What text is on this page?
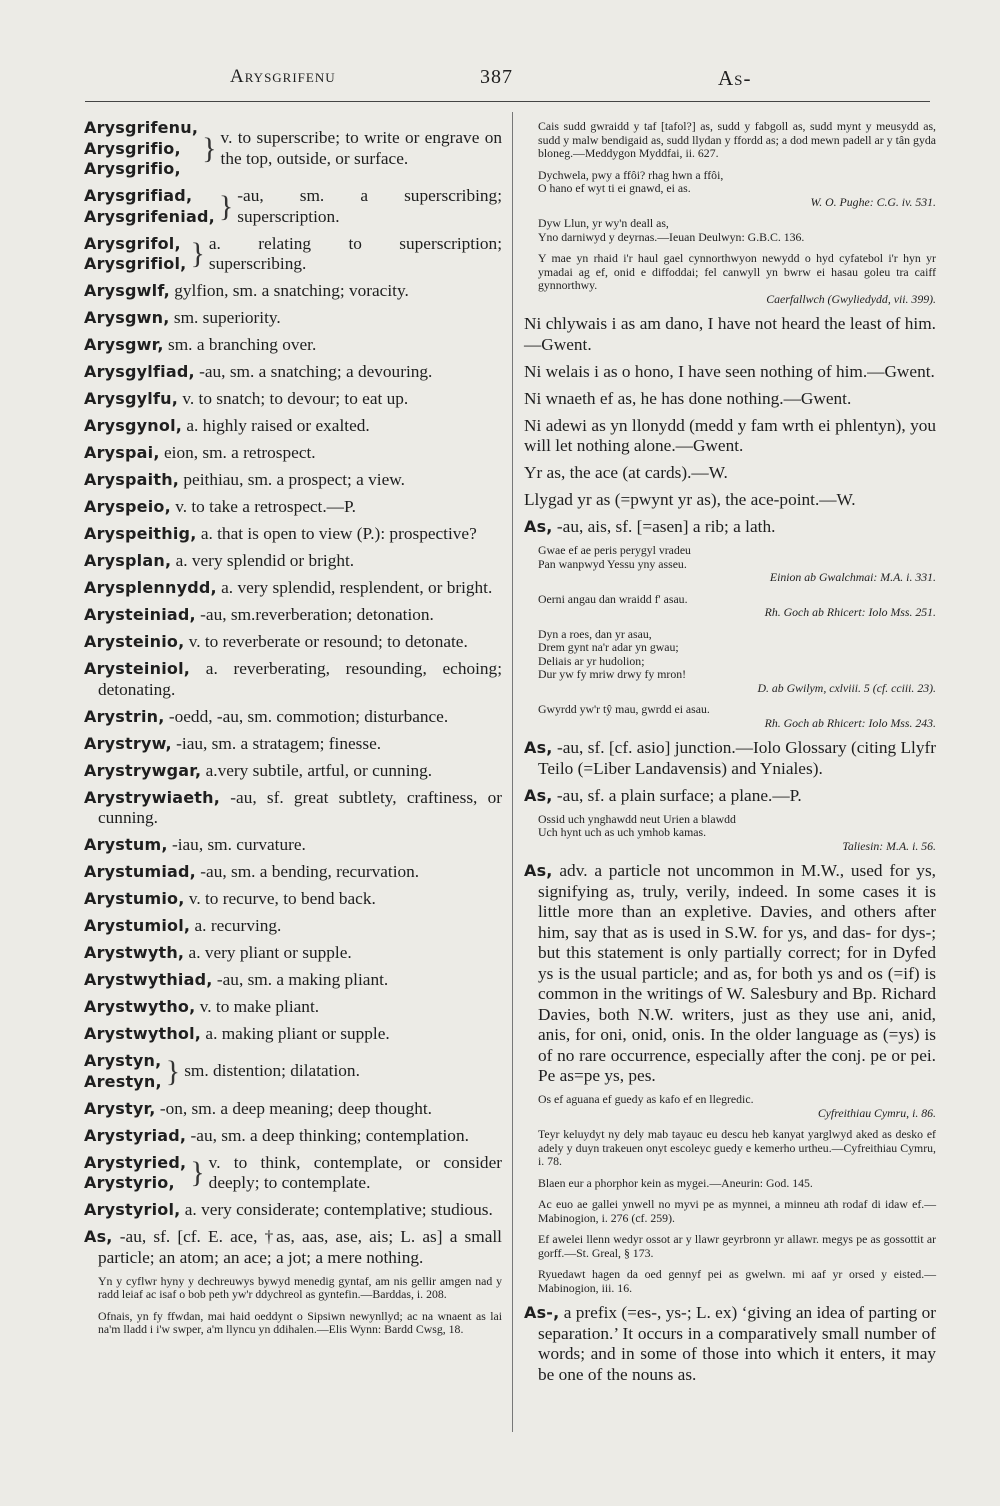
Arysgrifenu	387	As-
Arysgrifenu,
Arysgrifio,
Arysgrifio,
} v. to superscribe; to write or engrave on the top, outside, or surface.
Arysgrifiad,
Arysgrifeniad, } -au, sm. a superscribing; superscription.
Arysgrifol,
Arysgrifiol, } a. relating to superscription; superscribing.
Arysgwlf, gylfion, sm. a snatching; voracity.
Arysgwn, sm. superiority.
Arysgwr, sm. a branching over.
Arysgylfiad, -au, sm. a snatching; a devouring.
Arysgylfu, v. to snatch; to devour; to eat up.
Arysgynol, a. highly raised or exalted.
Aryspai, eion, sm. a retrospect.
Aryspaith, peithiau, sm. a prospect; a view.
Aryspeio, v. to take a retrospect.—P.
Aryspeithig, a. that is open to view (P.): prospective?
Arysplan, a. very splendid or bright.
Arysplennydd, a. very splendid, resplendent, or bright.
Arysteiniad, -au, sm.reverberation; detonation.
Arysteinio, v. to reverberate or resound; to detonate.
Arysteiniol, a. reverberating, resounding, echoing; detonating.
Arystrin, -oedd, -au, sm. commotion; disturbance.
Arystryw, -iau, sm. a stratagem; finesse.
Arystrywgar, a.very subtile, artful, or cunning.
Arystrywiaeth, -au, sf. great subtlety, craftiness, or cunning.
Arystum, -iau, sm. curvature.
Arystumiad, -au, sm. a bending, recurvation.
Arystumio, v. to recurve, to bend back.
Arystumiol, a. recurving.
Arystwyth, a. very pliant or supple.
Arystwythiad, -au, sm. a making pliant.
Arystwytho, v. to make pliant.
Arystwythol, a. making pliant or supple.
Arystyn,
Arestyn, } sm. distention; dilatation.
Arystyr, -on, sm. a deep meaning; deep thought.
Arystyriad, -au, sm. a deep thinking; contemplation.
Arystyried,
Arystyrio, } v. to think, contemplate, or consider deeply; to contemplate.
Arystyriol, a. very considerate; contemplative; studious.
As, -au, sf. [cf. E. ace, †as, aas, ase, ais; L. as] a small particle; an atom; an ace; a jot; a mere nothing.
Yn y cyflwr hyny y dechreuwys bywyd menedig gyntaf, am nis gellir amgen nad y radd leiaf ac isaf o bob peth yw'r ddychreol as gyntefin.—Barddas, i. 208.
Ofnais, yn fy ffwdan, mai haid oeddynt o Sipsiwn newynllyd; ac na wnaent as lai na'm lladd i i'w swper, a'm llyncu yn ddihalen.—Elis Wynn: Bardd Cwsg, 18.
Cais sudd gwraidd y taf [tafol?] as, sudd y fabgoll as, sudd mynt y meusydd as, sudd y malw bendigaid as, sudd llydan y ffordd as; a dod mewn padell ar y tân gyda bloneg.—Meddygon Myddfai, ii. 627.
Dychwela, pwy a ffôi? rhag hwn a ffôi,
O hano ef wyt ti ei gnawd, ei as.
W. O. Pughe: C.G. iv. 531.
Dyw Llun, yr wy'n deall as,
Yno darniwyd y deyrnas.—Ieuan Deulwyn: G.B.C. 136.
Y mae yn rhaid i'r haul gael cynnorthwyon newydd o hyd cyfatebol i'r hyn yr ymadai ag ef, onid e diffoddai; fel canwyll yn bwrw ei hasau goleu tra caiff gynnorthwy.
Caerfallwch (Gwyliedydd, vii. 399).
Ni chlywais i as am dano, I have not heard the least of him.—Gwent.
Ni welais i as o hono, I have seen nothing of him.—Gwent.
Ni wnaeth ef as, he has done nothing.—Gwent.
Ni adewi as yn llonydd (medd y fam wrth ei phlentyn), you will let nothing alone.—Gwent.
Yr as, the ace (at cards).—W.
Llygad yr as (=pwynt yr as), the ace-point.—W.
As, -au, ais, sf. [=asen] a rib; a lath.
Gwae ef ae peris perygyl vradeu
Pan wanpwyd Yessu yny asseu.
Einion ab Gwalchmai: M.A. i. 331.
Oerni angau dan wraidd f' asau.
Rh. Goch ab Rhicert: Iolo Mss. 251.
Dyn a roes, dan yr asau,
Drem gynt na'r adar yn gwau;
Deliais ar yr hudolion;
Dur yw fy mriw drwy fy mron!
D. ab Gwilym, cxlviii. 5 (cf. cciii. 23).
Gwyrdd yw'r tŷ mau, gwrdd ei asau.
Rh. Goch ab Rhicert: Iolo Mss. 243.
As, -au, sf. [cf. asio] junction.—Iolo Glossary (citing Llyfr Teilo (=Liber Landavensis) and Yniales).
As, -au, sf. a plain surface; a plane.—P.
Ossid uch ynghawdd neut Urien a blawdd
Uch hynt uch as uch ymhob kamas.
Taliesin: M.A. i. 56.
As, adv. a particle not uncommon in M.W., used for ys, signifying as, truly, verily, indeed. In some cases it is little more than an expletive. Davies, and others after him, say that as is used in S.W. for ys, and das- for dys-; but this statement is only partially correct; for in Dyfed ys is the usual particle; and as, for both ys and os (=if) is common in the writings of W. Salesbury and Bp. Richard Davies, both N.W. writers, just as they use ani, anid, anis, for oni, onid, onis. In the older language as (=ys) is of no rare occurrence, especially after the conj. pe or pei. Pe as=pe ys, pes.
Os ef aguana ef guedy as kafo ef en llegredic.
Cyfreithiau Cymru, i. 86.
Teyr keluydyt ny dely mab tayauc eu descu heb kanyat yarglwyd aked as desko ef adely y duyn trakeuen onyt escoleyc guedy e kemerho urtheu.—Cyfreithiau Cymru, i. 78.
Blaen eur a phorphor kein as mygei.—Aneurin: God. 145.
Ac euo ae gallei ynwell no myvi pe as mynnei, a minneu ath rodaf di idaw ef.—Mabinogion, i. 276 (cf. 259).
Ef awelei llenn wedyr ossot ar y llawr geyrbronn yr allawr. megys pe as gossottit ar gorff.—St. Greal, § 173.
Ryuedawt hagen da oed gennyf pei as gwelwn. mi aaf yr orsed y eisted.—Mabinogion, iii. 16.
As-, a prefix (=es-, ys-; L. ex) ‘giving an idea of parting or separation.’ It occurs in a comparatively small number of words; and in some of those into which it enters, it may be one of the nouns as.
